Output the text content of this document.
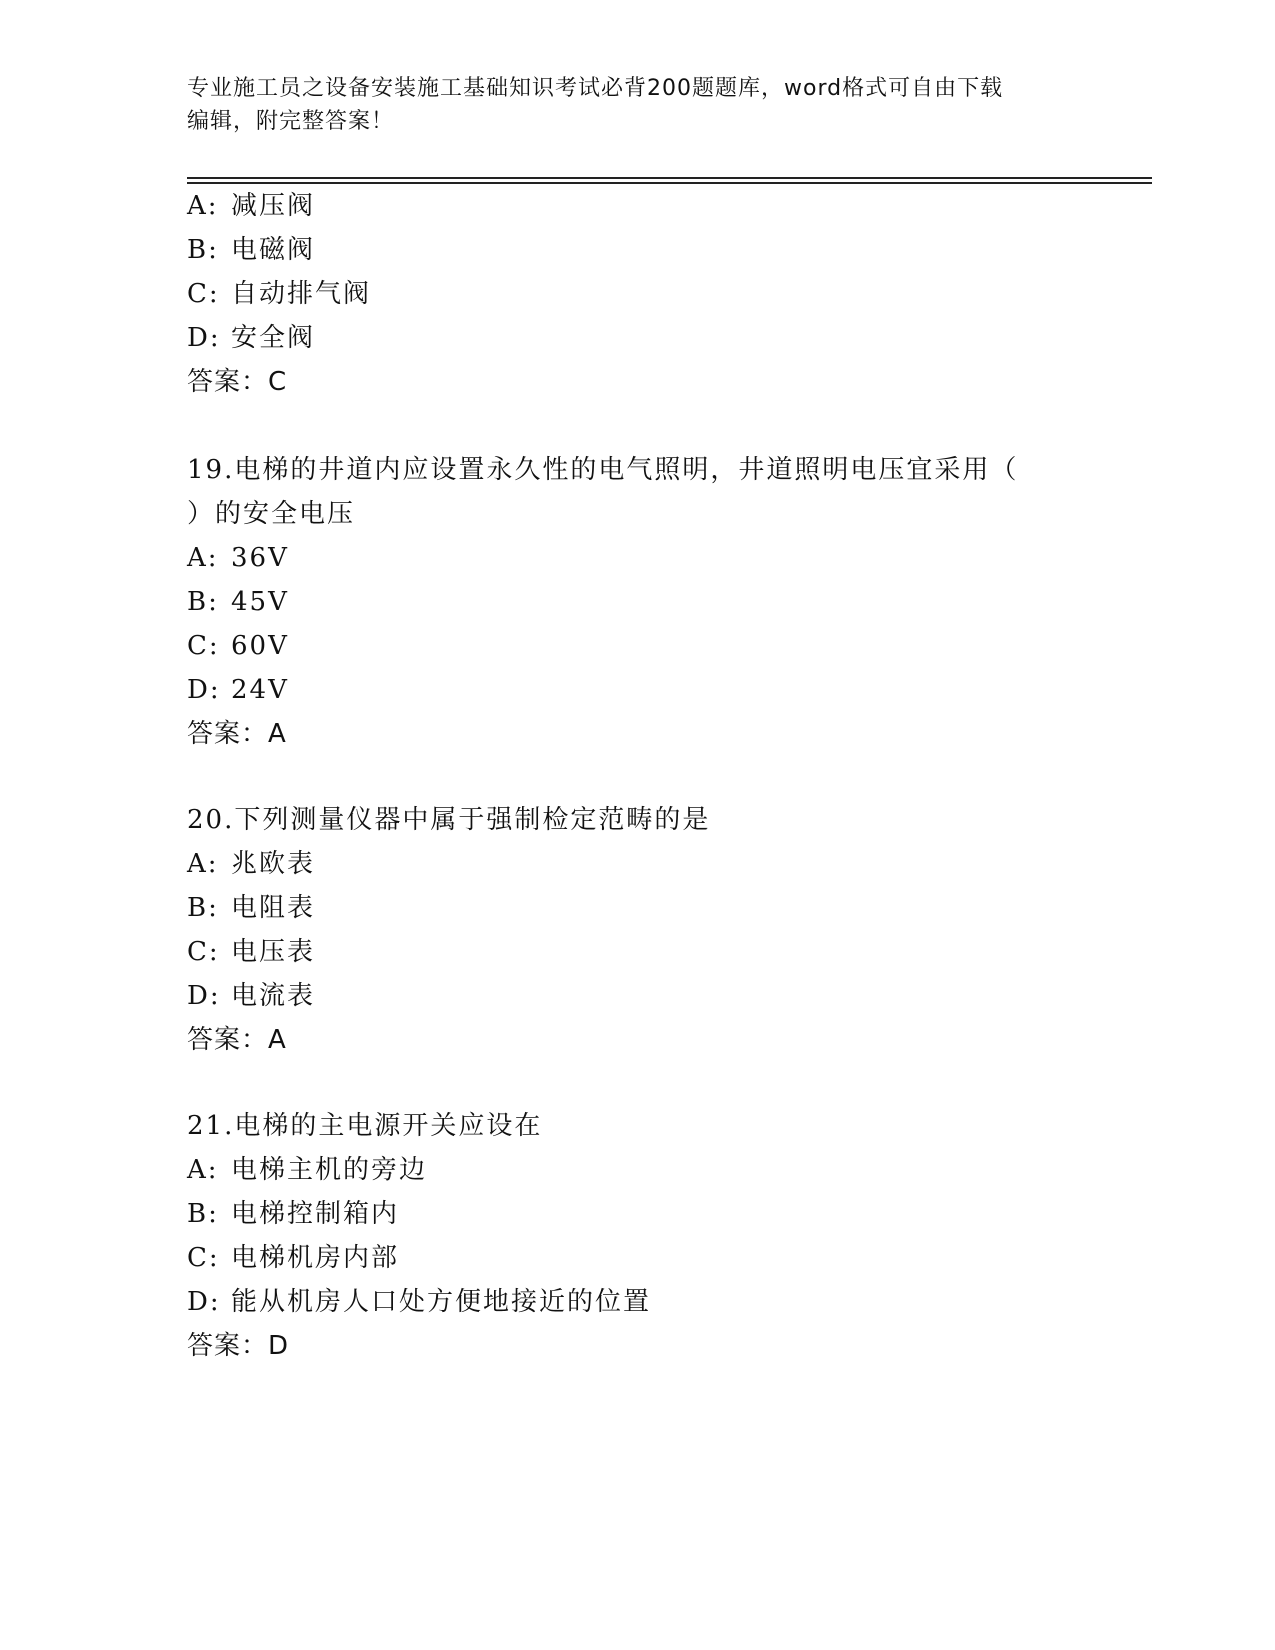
专业施工员之设备安装施工基础知识考试必背200题题库，word格式可自由下载
编辑，附完整答案！
A: 减压阀
B: 电磁阀
C: 自动排气阀
D: 安全阀
答案：C
19.电梯的井道内应设置永久性的电气照明，井道照明电压宜采用（
）的安全电压
A: 36V
B: 45V
C: 60V
D: 24V
答案：A
20.下列测量仪器中属于强制检定范畴的是
A: 兆欧表
B: 电阻表
C: 电压表
D: 电流表
答案：A
21.电梯的主电源开关应设在
A: 电梯主机的旁边
B: 电梯控制箱内
C: 电梯机房内部
D: 能从机房人口处方便地接近的位置
答案：D
